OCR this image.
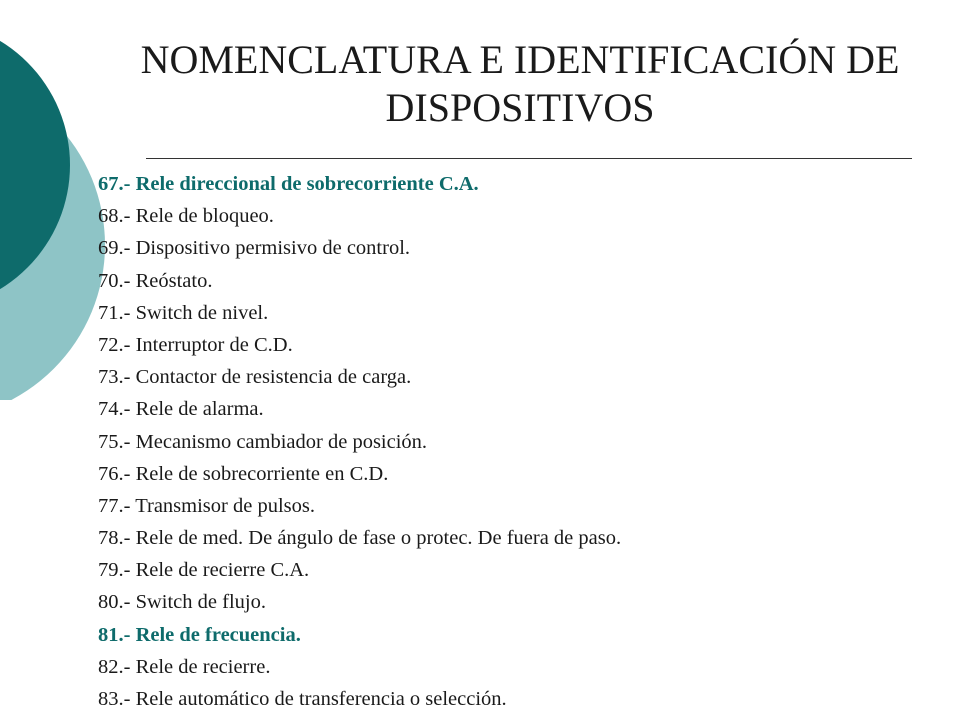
NOMENCLATURA E IDENTIFICACIÓN DE
DISPOSITIVOS
67.- Rele direccional de sobrecorriente C.A.
68.- Rele de bloqueo.
69.- Dispositivo permisivo de control.
70.- Reóstato.
71.- Switch de nivel.
72.- Interruptor de C.D.
73.- Contactor de resistencia de carga.
74.- Rele de alarma.
75.- Mecanismo cambiador de posición.
76.- Rele de sobrecorriente en C.D.
77.- Transmisor de pulsos.
78.- Rele de med. De ángulo de fase o protec. De fuera de paso.
79.- Rele de recierre C.A.
80.- Switch de flujo.
81.- Rele de frecuencia.
82.- Rele de recierre.
83.- Rele automático de transferencia o selección.
